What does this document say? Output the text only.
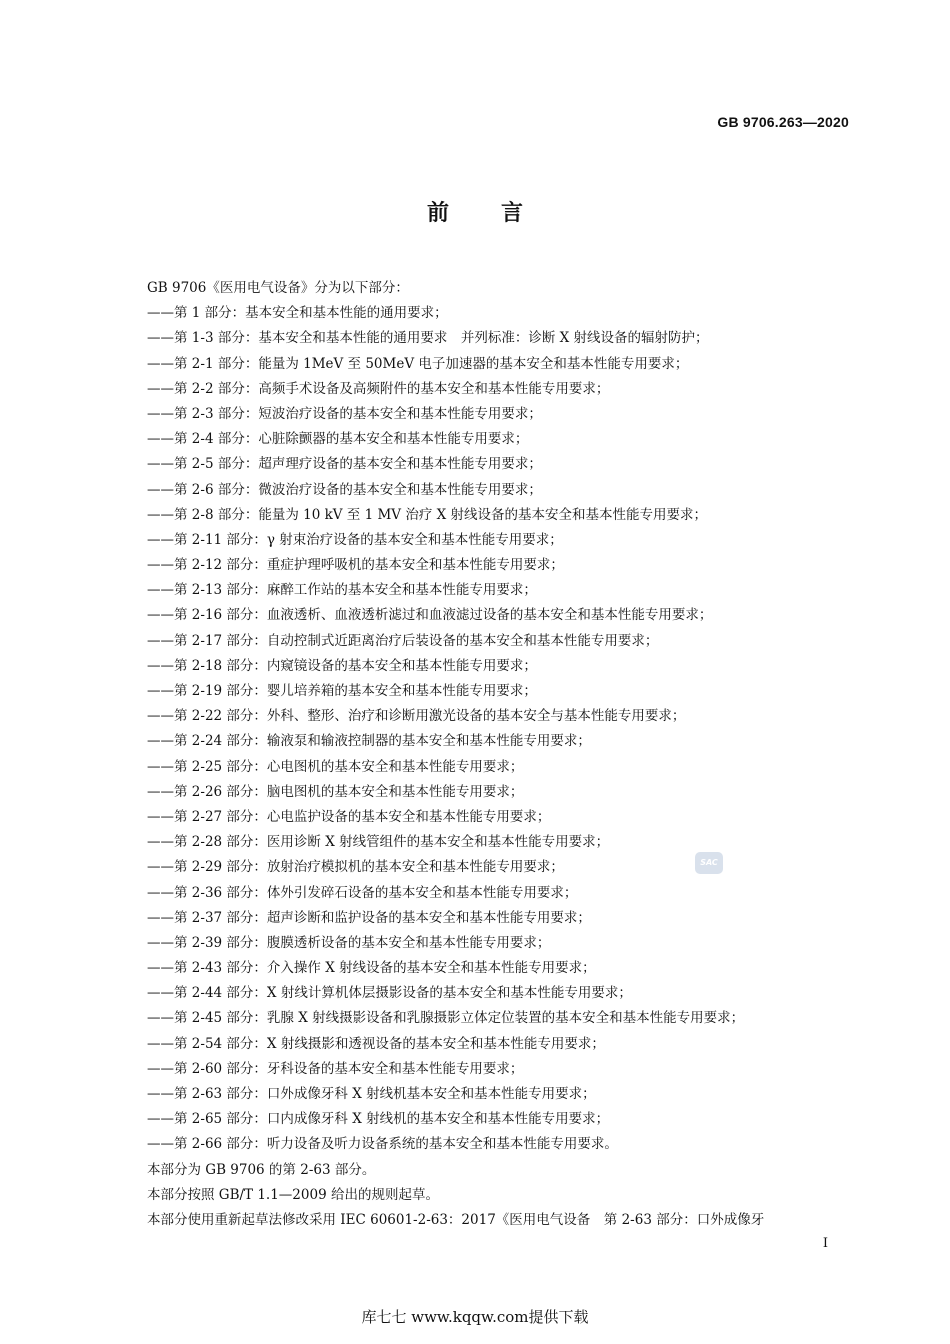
GB 9706.263—2020
前言
GB 9706《医用电气设备》分为以下部分：
——第 1 部分：基本安全和基本性能的通用要求；
——第 1-3 部分：基本安全和基本性能的通用要求　并列标准：诊断 X 射线设备的辐射防护；
——第 2-1 部分：能量为 1MeV 至 50MeV 电子加速器的基本安全和基本性能专用要求；
——第 2-2 部分：高频手术设备及高频附件的基本安全和基本性能专用要求；
——第 2-3 部分：短波治疗设备的基本安全和基本性能专用要求；
——第 2-4 部分：心脏除颤器的基本安全和基本性能专用要求；
——第 2-5 部分：超声理疗设备的基本安全和基本性能专用要求；
——第 2-6 部分：微波治疗设备的基本安全和基本性能专用要求；
——第 2-8 部分：能量为 10 kV 至 1 MV 治疗 X 射线设备的基本安全和基本性能专用要求；
——第 2-11 部分：γ 射束治疗设备的基本安全和基本性能专用要求；
——第 2-12 部分：重症护理呼吸机的基本安全和基本性能专用要求；
——第 2-13 部分：麻醉工作站的基本安全和基本性能专用要求；
——第 2-16 部分：血液透析、血液透析滤过和血液滤过设备的基本安全和基本性能专用要求；
——第 2-17 部分：自动控制式近距离治疗后装设备的基本安全和基本性能专用要求；
——第 2-18 部分：内窥镜设备的基本安全和基本性能专用要求；
——第 2-19 部分：婴儿培养箱的基本安全和基本性能专用要求；
——第 2-22 部分：外科、整形、治疗和诊断用激光设备的基本安全与基本性能专用要求；
——第 2-24 部分：输液泵和输液控制器的基本安全和基本性能专用要求；
——第 2-25 部分：心电图机的基本安全和基本性能专用要求；
——第 2-26 部分：脑电图机的基本安全和基本性能专用要求；
——第 2-27 部分：心电监护设备的基本安全和基本性能专用要求；
——第 2-28 部分：医用诊断 X 射线管组件的基本安全和基本性能专用要求；
——第 2-29 部分：放射治疗模拟机的基本安全和基本性能专用要求；
——第 2-36 部分：体外引发碎石设备的基本安全和基本性能专用要求；
——第 2-37 部分：超声诊断和监护设备的基本安全和基本性能专用要求；
——第 2-39 部分：腹膜透析设备的基本安全和基本性能专用要求；
——第 2-43 部分：介入操作 X 射线设备的基本安全和基本性能专用要求；
——第 2-44 部分：X 射线计算机体层摄影设备的基本安全和基本性能专用要求；
——第 2-45 部分：乳腺 X 射线摄影设备和乳腺摄影立体定位装置的基本安全和基本性能专用要求；
——第 2-54 部分：X 射线摄影和透视设备的基本安全和基本性能专用要求；
——第 2-60 部分：牙科设备的基本安全和基本性能专用要求；
——第 2-63 部分：口外成像牙科 X 射线机基本安全和基本性能专用要求；
——第 2-65 部分：口内成像牙科 X 射线机的基本安全和基本性能专用要求；
——第 2-66 部分：听力设备及听力设备系统的基本安全和基本性能专用要求。
本部分为 GB 9706 的第 2-63 部分。
本部分按照 GB/T 1.1—2009 给出的规则起草。
本部分使用重新起草法修改采用 IEC 60601-2-63：2017《医用电气设备　第 2-63 部分：口外成像牙
SAC
I
库七七 www.kqqw.com提供下载
